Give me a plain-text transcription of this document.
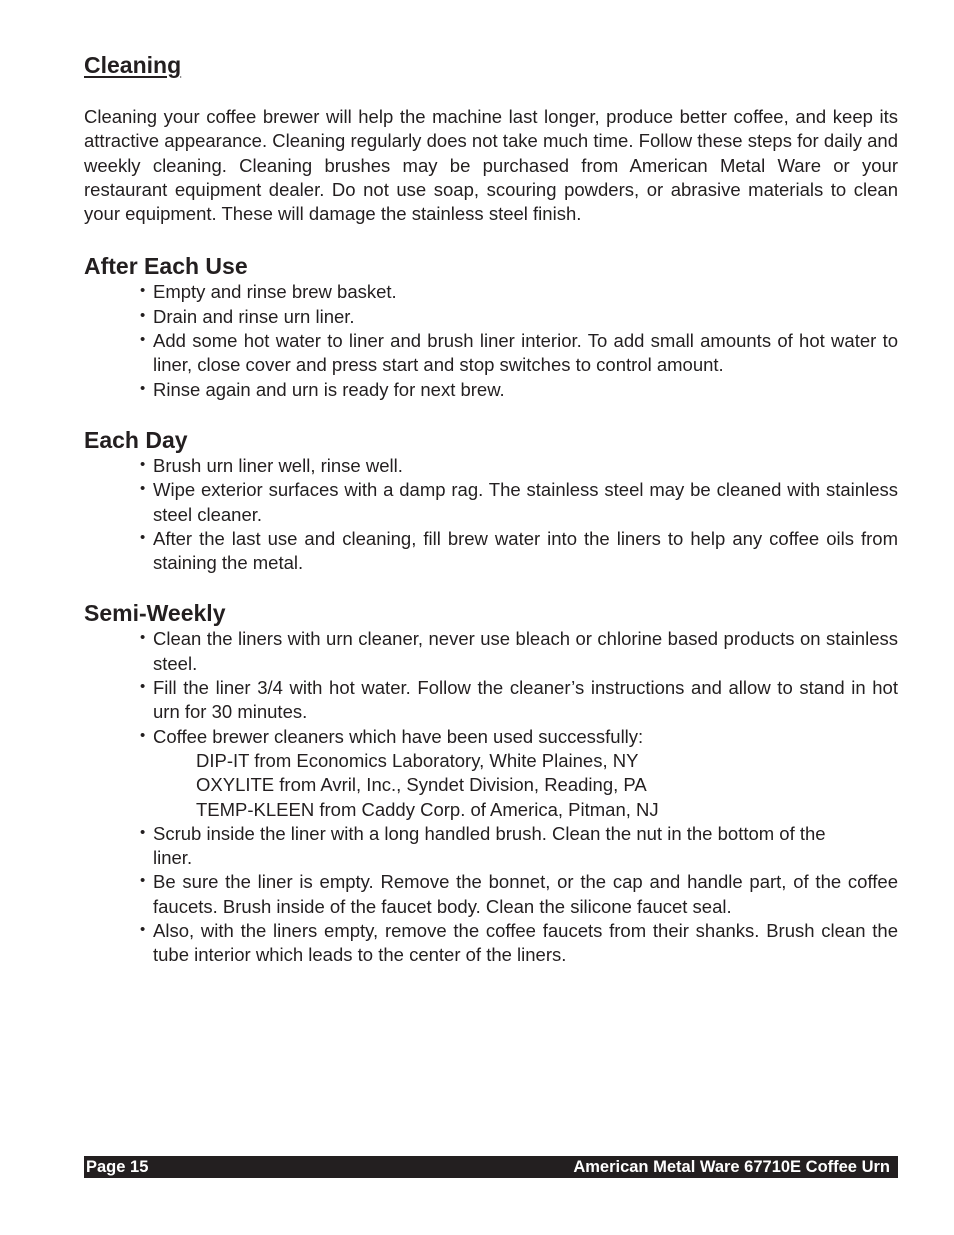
Cleaning

Cleaning your coffee brewer will help the machine last longer, produce better coffee, and keep its attractive appearance. Cleaning regularly does not take much time. Follow these steps for daily and weekly cleaning. Cleaning brushes may be purchased from American Metal Ware or your restaurant equipment dealer. Do not use soap, scouring powders, or abrasive materials to clean your equipment. These will damage the stainless steel finish.

After Each Use
• Empty and rinse brew basket.
• Drain and rinse urn liner.
• Add some hot water to liner and brush liner interior. To add small amounts of hot water to liner, close cover and press start and stop switches to control amount.
• Rinse again and urn is ready for next brew.
Each Day
• Brush urn liner well, rinse well.
• Wipe exterior surfaces with a damp rag. The stainless steel may be cleaned with stainless steel cleaner.
• After the last use and cleaning, fill brew water into the liners to help any coffee oils from staining the metal.
Semi-Weekly
• Clean the liners with urn cleaner, never use bleach or chlorine based products on stainless steel.
• Fill the liner 3/4 with hot water. Follow the cleaner’s instructions and allow to stand in hot urn for 30 minutes.
• Coffee brewer cleaners which have been used successfully:
DIP-IT from Economics Laboratory, White Plaines, NY
OXYLITE from Avril, Inc., Syndet Division, Reading, PA
TEMP-KLEEN from Caddy Corp. of America, Pitman, NJ
• Scrub inside the liner with a long handled brush. Clean the nut in the bottom of the liner.
• Be sure the liner is empty. Remove the bonnet, or the cap and handle part, of the coffee faucets. Brush inside of the faucet body. Clean the silicone faucet seal.
• Also, with the liners empty, remove the coffee faucets from their shanks. Brush clean the tube interior which leads to the center of the liners.
Page 15	American Metal Ware 67710E Coffee Urn
